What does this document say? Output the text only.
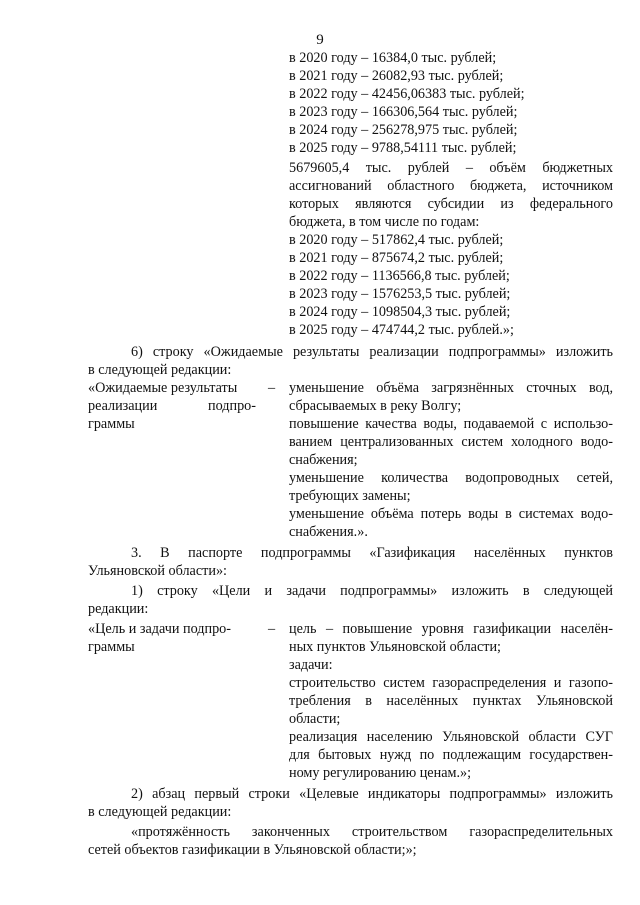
9
в 2020 году – 16384,0 тыс. рублей;
в 2021 году – 26082,93 тыс. рублей;
в 2022 году – 42456,06383 тыс. рублей;
в 2023 году – 166306,564 тыс. рублей;
в 2024 году – 256278,975 тыс. рублей;
в 2025 году – 9788,54111 тыс. рублей;
5679605,4 тыс. рублей – объём бюджетных
ассигнований областного бюджета, источником
которых являются субсидии из федерального
бюджета, в том числе по годам:
в 2020 году – 517862,4 тыс. рублей;
в 2021 году – 875674,2 тыс. рублей;
в 2022 году – 1136566,8 тыс. рублей;
в 2023 году – 1576253,5 тыс. рублей;
в 2024 году – 1098504,3 тыс. рублей;
в 2025 году – 474744,2 тыс. рублей.»;
6) строку «Ожидаемые результаты реализации подпрограммы» изложить
в следующей редакции:
«Ожидаемые результаты
реализации подпро-
граммы
– уменьшение объёма загрязнённых сточных вод,
сбрасываемых в реку Волгу;
повышение качества воды, подаваемой с использо-
ванием централизованных систем холодного водо-
снабжения;
уменьшение количества водопроводных сетей,
требующих замены;
уменьшение объёма потерь воды в системах водо-
снабжения.».
3. В паспорте подпрограммы «Газификация населённых пунктов
Ульяновской области»:
1) строку «Цели и задачи подпрограммы» изложить в следующей
редакции:
«Цель и задачи подпро-
граммы
– цель – повышение уровня газификации населён-
ных пунктов Ульяновской области;
задачи:
строительство систем газораспределения и газопо-
требления в населённых пунктах Ульяновской
области;
реализация населению Ульяновской области СУГ
для бытовых нужд по подлежащим государствен-
ному регулированию ценам.»;
2) абзац первый строки «Целевые индикаторы подпрограммы» изложить
в следующей редакции:
«протяжённость законченных строительством газораспределительных
сетей объектов газификации в Ульяновской области;»;
